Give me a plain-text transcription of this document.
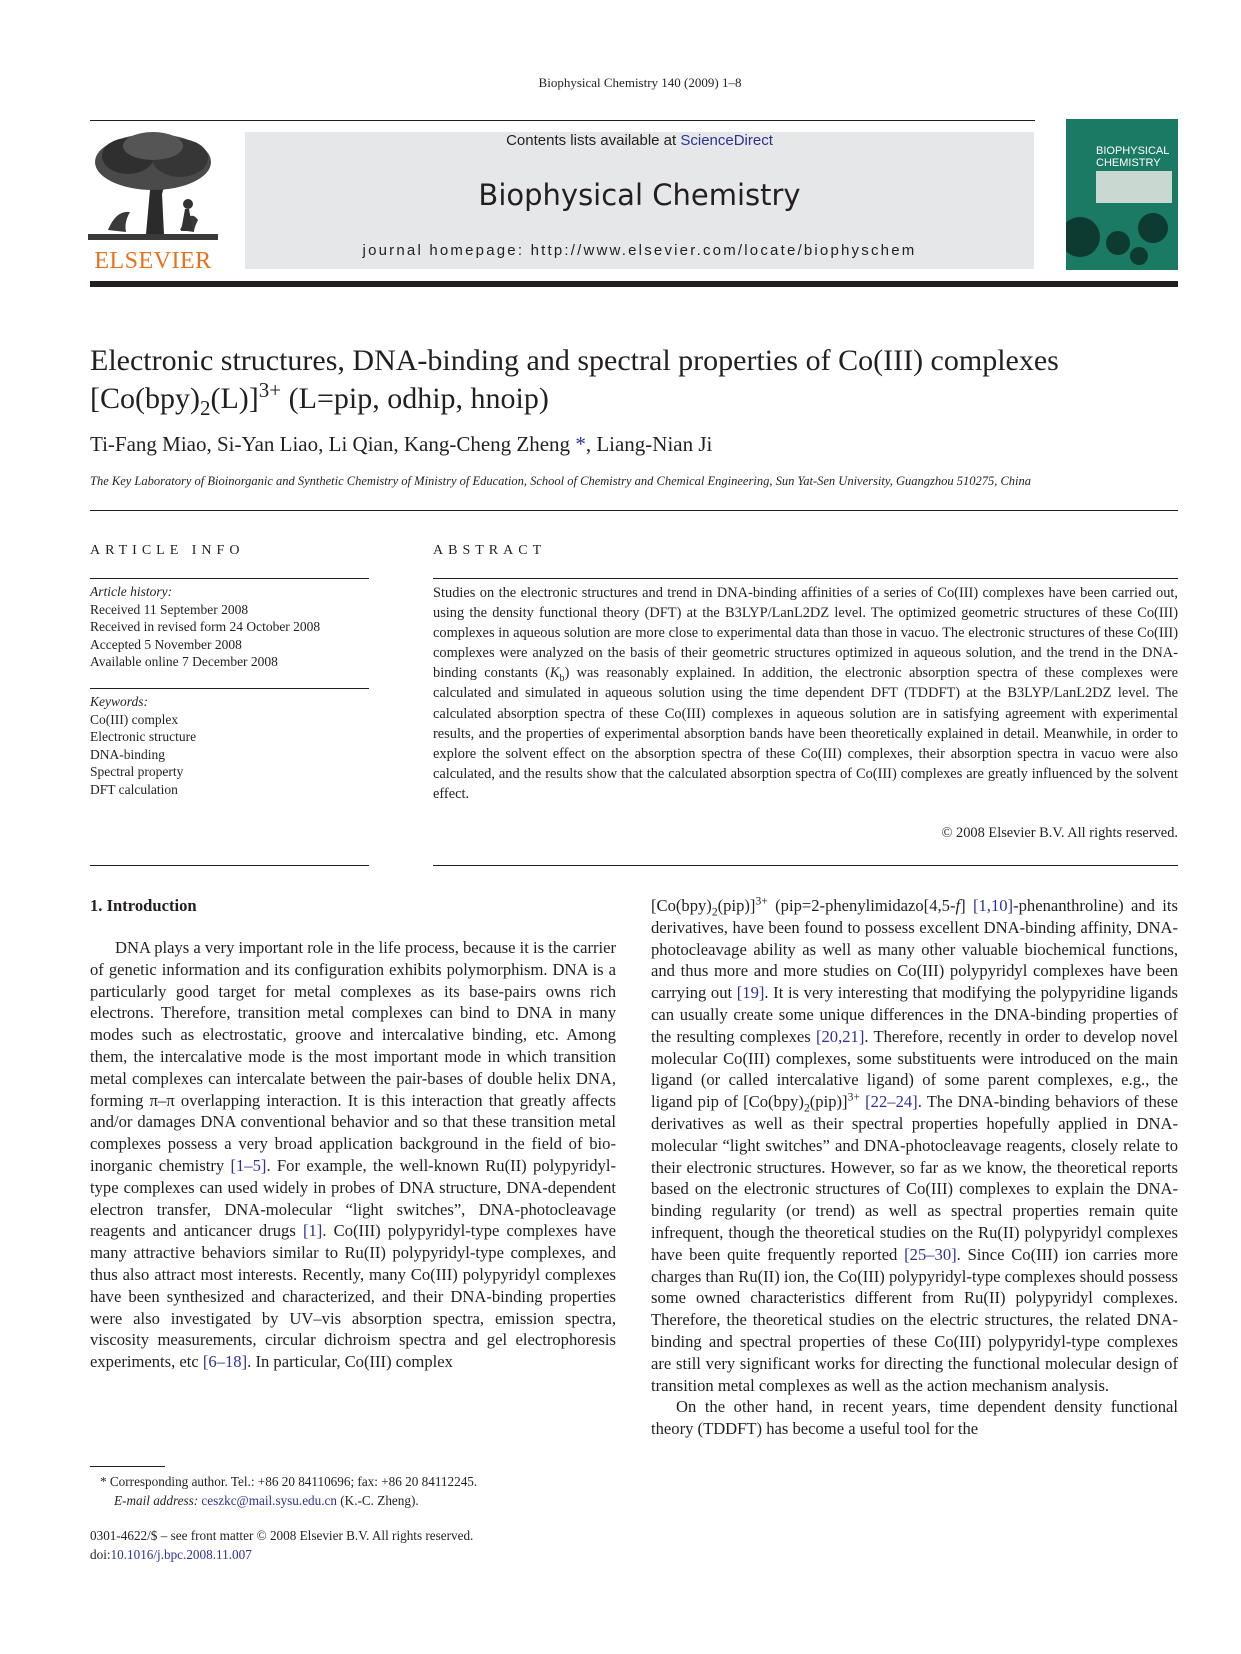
Biophysical Chemistry 140 (2009) 1–8
ELSEVIER
Contents lists available at ScienceDirect
Biophysical Chemistry
journal homepage: http://www.elsevier.com/locate/biophyschem
BIOPHYSICAL
CHEMISTRY
Electronic structures, DNA-binding and spectral properties of Co(III) complexes
$[Co(bpy)_2(L)]^{3+}$ (L=pip, odhip, hnoip)
Ti-Fang Miao, Si-Yan Liao, Li Qian, Kang-Cheng Zheng *, Liang-Nian Ji
The Key Laboratory of Bioinorganic and Synthetic Chemistry of Ministry of Education, School of Chemistry and Chemical Engineering, Sun Yat-Sen University, Guangzhou 510275, China
ARTICLE INFO	ABSTRACT
Article history:
Received 11 September 2008
Received in revised form 24 October 2008
Accepted 5 November 2008
Available online 7 December 2008
Keywords:
Co(III) complex
Electronic structure
DNA-binding
Spectral property
DFT calculation
Studies on the electronic structures and trend in DNA-binding affinities of a series of Co(III) complexes have been carried out, using the density functional theory (DFT) at the B3LYP/LanL2DZ level. The optimized geometric structures of these Co(III) complexes in aqueous solution are more close to experimental data than those in vacuo. The electronic structures of these Co(III) complexes were analyzed on the basis of their geometric structures optimized in aqueous solution, and the trend in the DNA-binding constants $(K_b)$ was reasonably explained. In addition, the electronic absorption spectra of these complexes were calculated and simulated in aqueous solution using the time dependent DFT (TDDFT) at the B3LYP/LanL2DZ level. The calculated absorption spectra of these Co(III) complexes in aqueous solution are in satisfying agreement with experimental results, and the properties of experimental absorption bands have been theoretically explained in detail. Meanwhile, in order to explore the solvent effect on the absorption spectra of these Co(III) complexes, their absorption spectra in vacuo were also calculated, and the results show that the calculated absorption spectra of Co(III) complexes are greatly influenced by the solvent effect.
© 2008 Elsevier B.V. All rights reserved.
1. Introduction

DNA plays a very important role in the life process, because it is the carrier of genetic information and its configuration exhibits polymorphism. DNA is a particularly good target for metal complexes as its base-pairs owns rich electrons. Therefore, transition metal complexes can bind to DNA in many modes such as electrostatic, groove and intercalative binding, etc. Among them, the intercalative mode is the most important mode in which transition metal complexes can intercalate between the pair-bases of double helix DNA, forming π–π overlapping interaction. It is this interaction that greatly affects and/or damages DNA conventional behavior and so that these transition metal complexes possess a very broad application background in the field of bio-inorganic chemistry [1–5]. For example, the well-known Ru(II) polypyridyl-type complexes can used widely in probes of DNA structure, DNA-dependent electron transfer, DNA-molecular “light switches”, DNA-photocleavage reagents and anticancer drugs [1]. Co(III) polypyridyl-type complexes have many attractive behaviors similar to Ru(II) polypyridyl-type complexes, and thus also attract most interests. Recently, many Co(III) polypyridyl complexes have been synthesized and characterized, and their DNA-binding properties were also investigated by UV–vis absorption spectra, emission spectra, viscosity measurements, circular dichroism spectra and gel electrophoresis experiments, etc [6–18]. In particular, Co(III) complex

$[Co(bpy)_2(pip)]^{3+}$ (pip=2-phenylimidazo[4,5-f] [1,10]-phenanthroline) and its derivatives, have been found to possess excellent DNA-binding affinity, DNA-photocleavage ability as well as many other valuable biochemical functions, and thus more and more studies on Co(III) polypyridyl complexes have been carrying out [19]. It is very interesting that modifying the polypyridine ligands can usually create some unique differences in the DNA-binding properties of the resulting complexes [20,21]. Therefore, recently in order to develop novel molecular Co(III) complexes, some substituents were introduced on the main ligand (or called intercalative ligand) of some parent complexes, e.g., the ligand pip of $[Co(bpy)_2(pip)]^{3+}$ [22–24]. The DNA-binding behaviors of these derivatives as well as their spectral properties hopefully applied in DNA-molecular “light switches” and DNA-photocleavage reagents, closely relate to their electronic structures. However, so far as we know, the theoretical reports based on the electronic structures of Co(III) complexes to explain the DNA-binding regularity (or trend) as well as spectral properties remain quite infrequent, though the theoretical studies on the Ru(II) polypyridyl complexes have been quite frequently reported [25–30]. Since Co(III) ion carries more charges than Ru(II) ion, the Co(III) polypyridyl-type complexes should possess some owned characteristics different from Ru(II) polypyridyl complexes. Therefore, the theoretical studies on the electric structures, the related DNA-binding and spectral properties of these Co(III) polypyridyl-type complexes are still very significant works for directing the functional molecular design of transition metal complexes as well as the action mechanism analysis.

On the other hand, in recent years, time dependent density functional theory (TDDFT) has become a useful tool for the

* Corresponding author. Tel.: +86 20 84110696; fax: +86 20 84112245.
E-mail address: ceszkc@mail.sysu.edu.cn (K.-C. Zheng).
0301-4622/$ – see front matter © 2008 Elsevier B.V. All rights reserved.
doi:10.1016/j.bpc.2008.11.007
